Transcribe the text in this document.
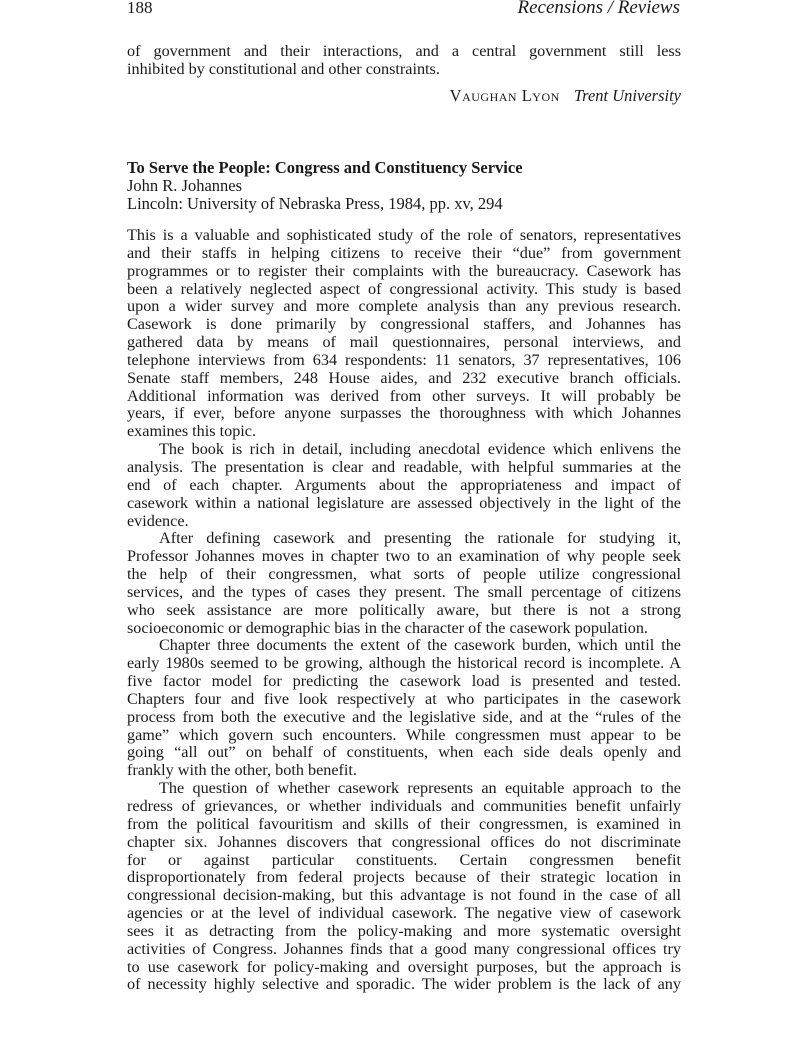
188	Recensions / Reviews
of government and their interactions, and a central government still less
inhibited by constitutional and other constraints.
Vaughan Lyon Trent University
To Serve the People: Congress and Constituency Service
John R. Johannes
Lincoln: University of Nebraska Press, 1984, pp. xv, 294
This is a valuable and sophisticated study of the role of senators, representatives
and their staffs in helping citizens to receive their “due” from government
programmes or to register their complaints with the bureaucracy. Casework has
been a relatively neglected aspect of congressional activity. This study is based
upon a wider survey and more complete analysis than any previous research.
Casework is done primarily by congressional staffers, and Johannes has
gathered data by means of mail questionnaires, personal interviews, and
telephone interviews from 634 respondents: 11 senators, 37 representatives, 106
Senate staff members, 248 House aides, and 232 executive branch officials.
Additional information was derived from other surveys. It will probably be
years, if ever, before anyone surpasses the thoroughness with which Johannes
examines this topic.
The book is rich in detail, including anecdotal evidence which enlivens the
analysis. The presentation is clear and readable, with helpful summaries at the
end of each chapter. Arguments about the appropriateness and impact of
casework within a national legislature are assessed objectively in the light of the
evidence.
After defining casework and presenting the rationale for studying it,
Professor Johannes moves in chapter two to an examination of why people seek
the help of their congressmen, what sorts of people utilize congressional
services, and the types of cases they present. The small percentage of citizens
who seek assistance are more politically aware, but there is not a strong
socioeconomic or demographic bias in the character of the casework population.
Chapter three documents the extent of the casework burden, which until the
early 1980s seemed to be growing, although the historical record is incomplete. A
five factor model for predicting the casework load is presented and tested.
Chapters four and five look respectively at who participates in the casework
process from both the executive and the legislative side, and at the “rules of the
game” which govern such encounters. While congressmen must appear to be
going “all out” on behalf of constituents, when each side deals openly and
frankly with the other, both benefit.
The question of whether casework represents an equitable approach to the
redress of grievances, or whether individuals and communities benefit unfairly
from the political favouritism and skills of their congressmen, is examined in
chapter six. Johannes discovers that congressional offices do not discriminate
for or against particular constituents. Certain congressmen benefit
disproportionately from federal projects because of their strategic location in
congressional decision-making, but this advantage is not found in the case of all
agencies or at the level of individual casework. The negative view of casework
sees it as detracting from the policy-making and more systematic oversight
activities of Congress. Johannes finds that a good many congressional offices try
to use casework for policy-making and oversight purposes, but the approach is
of necessity highly selective and sporadic. The wider problem is the lack of any
